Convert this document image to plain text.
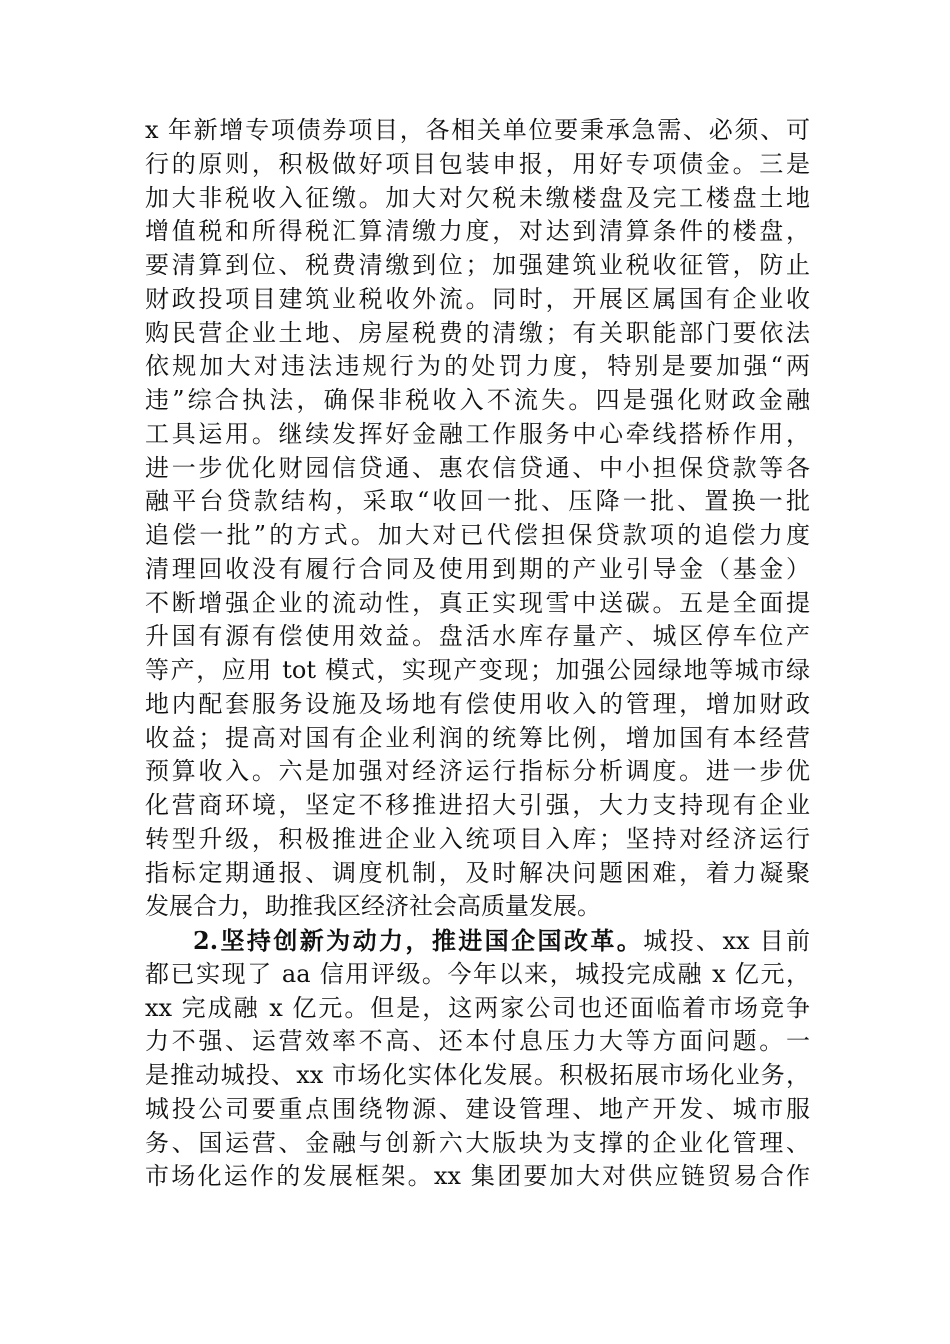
x 年新增专项债券项目，各相关单位要秉承急需、必须、可
行的原则，积极做好项目包装申报，用好专项债金。三是
加大非税收入征缴。加大对欠税未缴楼盘及完工楼盘土地
增值税和所得税汇算清缴力度，对达到清算条件的楼盘，
要清算到位、税费清缴到位；加强建筑业税收征管，防止
财政投项目建筑业税收外流。同时，开展区属国有企业收
购民营企业土地、房屋税费的清缴；有关职能部门要依法
依规加大对违法违规行为的处罚力度，特别是要加强“两
违”综合执法，确保非税收入不流失。四是强化财政金融
工具运用。继续发挥好金融工作服务中心牵线搭桥作用，
进一步优化财园信贷通、惠农信贷通、中小担保贷款等各
融平台贷款结构，采取“收回一批、压降一批、置换一批
追偿一批”的方式。加大对已代偿担保贷款项的追偿力度
清理回收没有履行合同及使用到期的产业引导金（基金）
不断增强企业的流动性，真正实现雪中送碳。五是全面提
升国有源有偿使用效益。盘活水库存量产、城区停车位产
等产，应用 tot 模式，实现产变现；加强公园绿地等城市绿
地内配套服务设施及场地有偿使用收入的管理，增加财政
收益；提高对国有企业利润的统筹比例，增加国有本经营
预算收入。六是加强对经济运行指标分析调度。进一步优
化营商环境，坚定不移推进招大引强，大力支持现有企业
转型升级，积极推进企业入统项目入库；坚持对经济运行
指标定期通报、调度机制，及时解决问题困难，着力凝聚
发展合力，助推我区经济社会高质量发展。
2.坚持创新为动力，推进国企国改革。城投、xx 目前
都已实现了 aa 信用评级。今年以来，城投完成融 x 亿元，
xx 完成融 x 亿元。但是，这两家公司也还面临着市场竞争
力不强、运营效率不高、还本付息压力大等方面问题。一
是推动城投、xx 市场化实体化发展。积极拓展市场化业务，
城投公司要重点围绕物源、建设管理、地产开发、城市服
务、国运营、金融与创新六大版块为支撑的企业化管理、
市场化运作的发展框架。xx 集团要加大对供应链贸易合作
